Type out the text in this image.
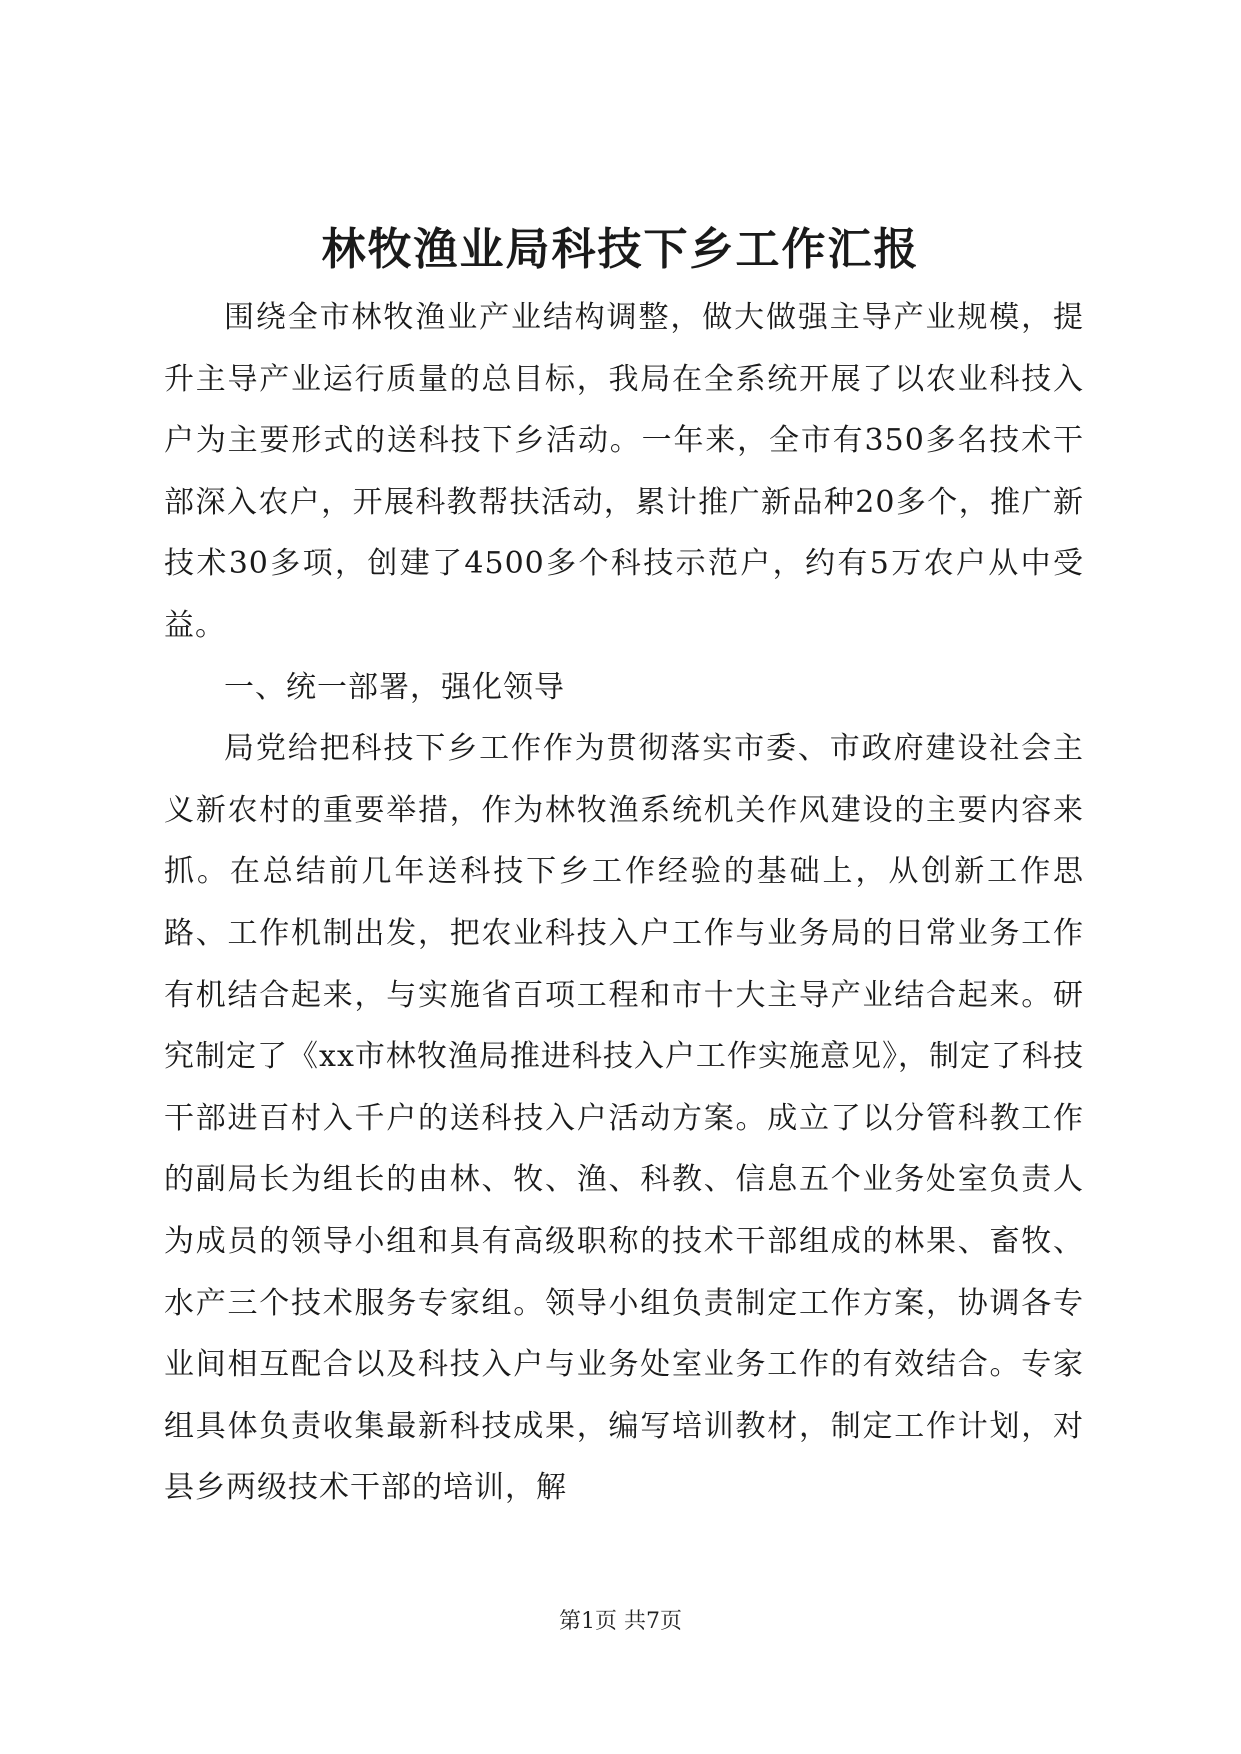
林牧渔业局科技下乡工作汇报

围绕全市林牧渔业产业结构调整，做大做强主导产业规模，提升主导产业运行质量的总目标，我局在全系统开展了以农业科技入户为主要形式的送科技下乡活动。一年来，全市有350多名技术干部深入农户，开展科教帮扶活动，累计推广新品种20多个，推广新技术30多项，创建了4500多个科技示范户，约有5万农户从中受益。

一、统一部署，强化领导

局党给把科技下乡工作作为贯彻落实市委、市政府建设社会主义新农村的重要举措，作为林牧渔系统机关作风建设的主要内容来抓。在总结前几年送科技下乡工作经验的基础上，从创新工作思路、工作机制出发，把农业科技入户工作与业务局的日常业务工作有机结合起来，与实施省百项工程和市十大主导产业结合起来。研究制定了《xx市林牧渔局推进科技入户工作实施意见》，制定了科技干部进百村入千户的送科技入户活动方案。成立了以分管科教工作的副局长为组长的由林、牧、渔、科教、信息五个业务处室负责人为成员的领导小组和具有高级职称的技术干部组成的林果、畜牧、水产三个技术服务专家组。领导小组负责制定工作方案，协调各专业间相互配合以及科技入户与业务处室业务工作的有效结合。专家组具体负责收集最新科技成果，编写培训教材，制定工作计划，对县乡两级技术干部的培训，解

第1页 共7页
